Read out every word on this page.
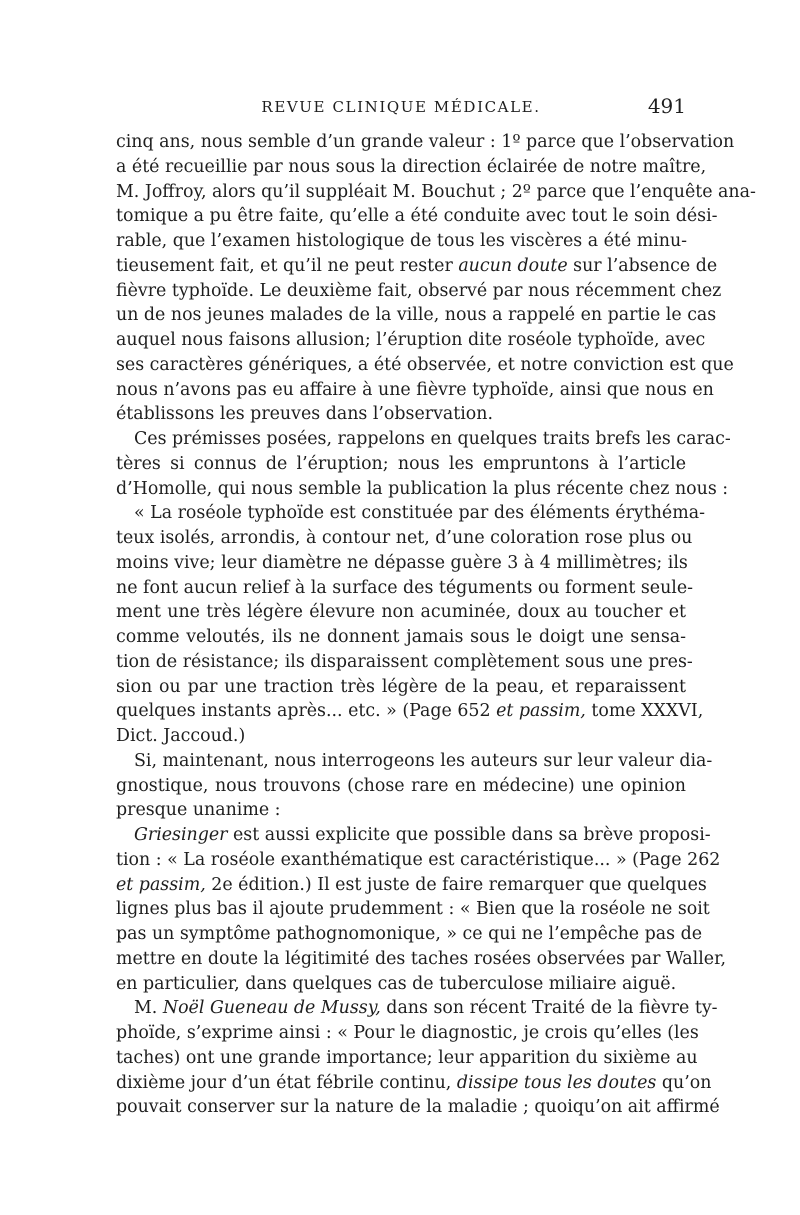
REVUE CLINIQUE MÉDICALE.	491
cinq ans, nous semble d’un grande valeur : 1º parce que l’observation
a été recueillie par nous sous la direction éclairée de notre maître,
M. Joffroy, alors qu’il suppléait M. Bouchut ; 2º parce que l’enquête ana-
tomique a pu être faite, qu’elle a été conduite avec tout le soin dési-
rable, que l’examen histologique de tous les viscères a été minu-
tieusement fait, et qu’il ne peut rester aucun doute sur l’absence de
fièvre typhoïde. Le deuxième fait, observé par nous récemment chez
un de nos jeunes malades de la ville, nous a rappelé en partie le cas
auquel nous faisons allusion; l’éruption dite roséole typhoïde, avec
ses caractères génériques, a été observée, et notre conviction est que
nous n’avons pas eu affaire à une fièvre typhoïde, ainsi que nous en
établissons les preuves dans l’observation.
Ces prémisses posées, rappelons en quelques traits brefs les carac-
tères si connus de l’éruption; nous les empruntons à l’article
d’Homolle, qui nous semble la publication la plus récente chez nous :
« La roséole typhoïde est constituée par des éléments érythéma-
teux isolés, arrondis, à contour net, d’une coloration rose plus ou
moins vive; leur diamètre ne dépasse guère 3 à 4 millimètres; ils
ne font aucun relief à la surface des téguments ou forment seule-
ment une très légère élevure non acuminée, doux au toucher et
comme veloutés, ils ne donnent jamais sous le doigt une sensa-
tion de résistance; ils disparaissent complètement sous une pres-
sion ou par une traction très légère de la peau, et reparaissent
quelques instants après... etc. » (Page 652 et passim, tome XXXVI,
Dict. Jaccoud.)
Si, maintenant, nous interrogeons les auteurs sur leur valeur dia-
gnostique, nous trouvons (chose rare en médecine) une opinion
presque unanime :
Griesinger est aussi explicite que possible dans sa brève proposi-
tion : « La roséole exanthématique est caractéristique... » (Page 262
et passim, 2e édition.) Il est juste de faire remarquer que quelques
lignes plus bas il ajoute prudemment : « Bien que la roséole ne soit
pas un symptôme pathognomonique, » ce qui ne l’empêche pas de
mettre en doute la légitimité des taches rosées observées par Waller,
en particulier, dans quelques cas de tuberculose miliaire aiguë.
M. Noël Gueneau de Mussy, dans son récent Traité de la fièvre ty-
phoïde, s’exprime ainsi : « Pour le diagnostic, je crois qu’elles (les
taches) ont une grande importance; leur apparition du sixième au
dixième jour d’un état fébrile continu, dissipe tous les doutes qu’on
pouvait conserver sur la nature de la maladie ; quoiqu’on ait affirmé
